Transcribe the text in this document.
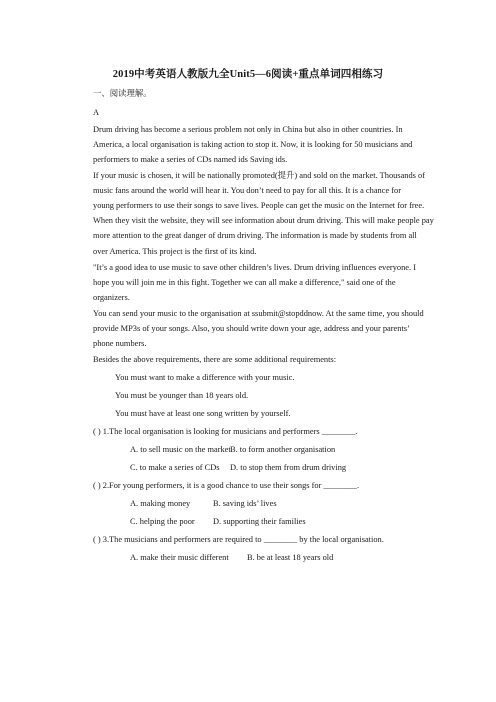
2019中考英语人教版九全Unit5—6阅读+重点单词四相练习
一、阅读理解。
A
Drum driving has become a serious problem not only in China but also in other countries. In
America, a local organisation is taking action to stop it. Now, it is looking for 50 musicians and
performers to make a series of CDs named ids Saving ids.
If your music is chosen, it will be nationally promoted(提升) and sold on the market. Thousands of
music fans around the world will hear it. You don’t need to pay for all this. It is a chance for
young performers to use their songs to save lives. People can get the music on the Internet for free.
When they visit the website, they will see information about drum driving. This will make people pay
more attention to the great danger of drum driving. The information is made by students from all
over America. This project is the first of its kind.
"It’s a good idea to use music to save other children’s lives. Drum driving influences everyone. I
hope you will join me in this fight. Together we can all make a difference," said one of the
organizers.
You can send your music to the organisation at ssubmit@stopddnow. At the same time, you should
provide MP3s of your songs. Also, you should write down your age, address and your parents’
phone numbers.
Besides the above requirements, there are some additional requirements:
You must want to make a difference with your music.
You must be younger than 18 years old.
You must have at least one song written by yourself.
( ) 1.The local organisation is looking for musicians and performers ________.
A. to sell music on the market B. to form another organisation
C. to make a series of CDs D. to stop them from drum driving
( ) 2.For young performers, it is a good chance to use their songs for ________.
A. making money	B. saving ids’ lives
C. helping the poor D. supporting their families
( ) 3.The musicians and performers are required to ________ by the local organisation.
A. make their music different B. be at least 18 years old
